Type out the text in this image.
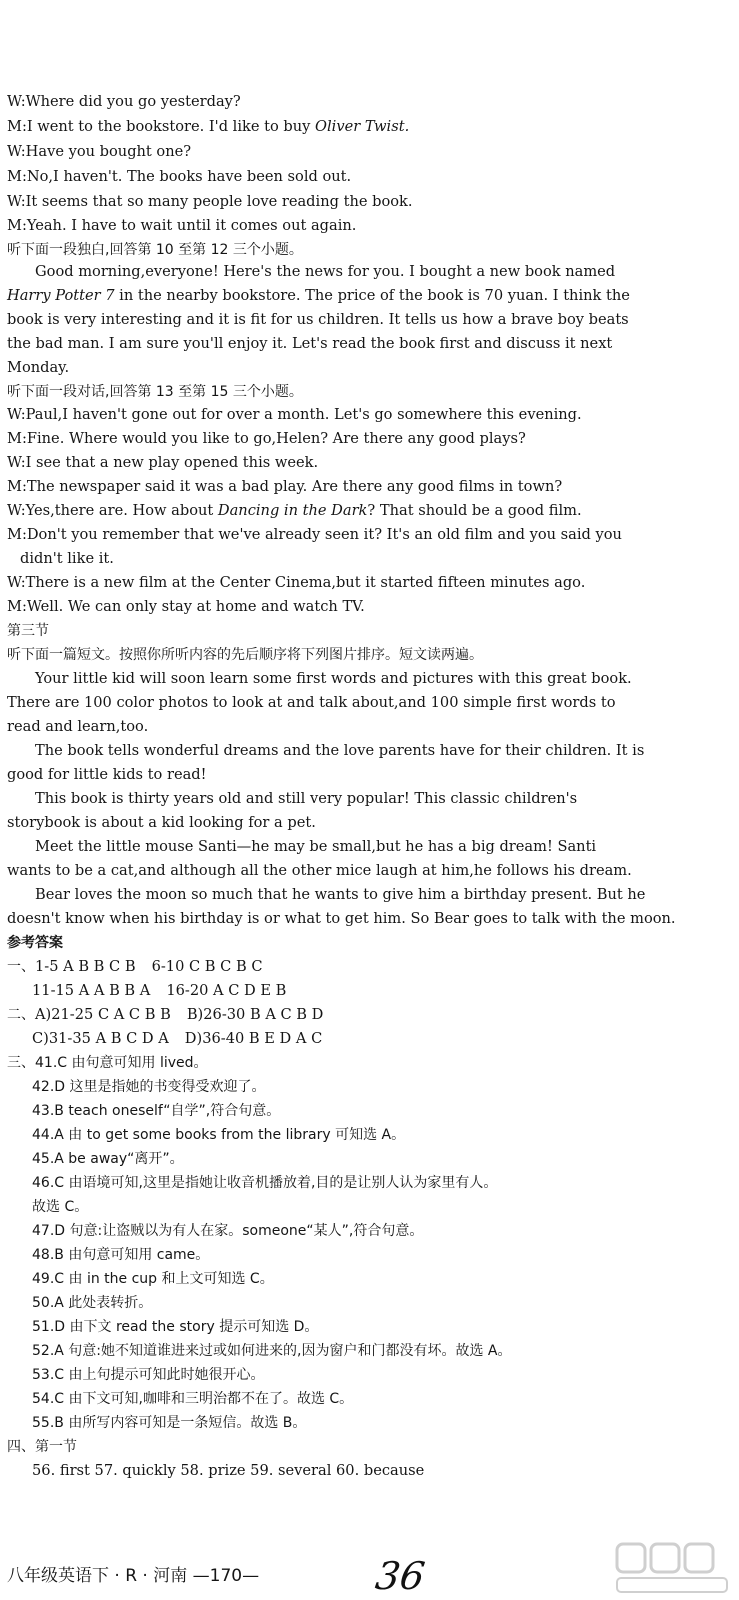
W:Where did you go yesterday?
M:I went to the bookstore. I'd like to buy Oliver Twist.
W:Have you bought one?
M:No,I haven't. The books have been sold out.
W:It seems that so many people love reading the book.
M:Yeah. I have to wait until it comes out again.
听下面一段独白,回答第 10 至第 12 三个小题。
Good morning,everyone! Here's the news for you. I bought a new book named
Harry Potter 7 in the nearby bookstore. The price of the book is 70 yuan. I think the
book is very interesting and it is fit for us children. It tells us how a brave boy beats
the bad man. I am sure you'll enjoy it. Let's read the book first and discuss it next
Monday.
听下面一段对话,回答第 13 至第 15 三个小题。
W:Paul,I haven't gone out for over a month. Let's go somewhere this evening.
M:Fine. Where would you like to go,Helen? Are there any good plays?
W:I see that a new play opened this week.
M:The newspaper said it was a bad play. Are there any good films in town?
W:Yes,there are. How about Dancing in the Dark? That should be a good film.
M:Don't you remember that we've already seen it? It's an old film and you said you
didn't like it.
W:There is a new film at the Center Cinema,but it started fifteen minutes ago.
M:Well. We can only stay at home and watch TV.
第三节
听下面一篇短文。按照你所听内容的先后顺序将下列图片排序。短文读两遍。
Your little kid will soon learn some first words and pictures with this great book.
There are 100 color photos to look at and talk about,and 100 simple first words to
read and learn,too.
The book tells wonderful dreams and the love parents have for their children. It is
good for little kids to read!
This book is thirty years old and still very popular! This classic children's
storybook is about a kid looking for a pet.
Meet the little mouse Santi—he may be small,but he has a big dream! Santi
wants to be a cat,and although all the other mice laugh at him,he follows his dream.
Bear loves the moon so much that he wants to give him a birthday present. But he
doesn't know when his birthday is or what to get him. So Bear goes to talk with the moon.
参考答案
一、1-5 A B B C B 6-10 C B C B C
11-15 A A B B A 16-20 A C D E B
二、A)21-25 C A C B B B)26-30 B A C B D
C)31-35 A B C D A D)36-40 B E D A C
三、41.C 由句意可知用 lived。
42.D 这里是指她的书变得受欢迎了。
43.B teach oneself“自学”,符合句意。
44.A 由 to get some books from the library 可知选 A。
45.A be away“离开”。
46.C 由语境可知,这里是指她让收音机播放着,目的是让别人认为家里有人。
故选 C。
47.D 句意:让盗贼以为有人在家。someone“某人”,符合句意。
48.B 由句意可知用 came。
49.C 由 in the cup 和上文可知选 C。
50.A 此处表转折。
51.D 由下文 read the story 提示可知选 D。
52.A 句意:她不知道谁进来过或如何进来的,因为窗户和门都没有坏。故选 A。
53.C 由上句提示可知此时她很开心。
54.C 由下文可知,咖啡和三明治都不在了。故选 C。
55.B 由所写内容可知是一条短信。故选 B。
四、第一节
56. first 57. quickly 58. prize 59. several 60. because
八年级英语下 · R · 河南 —170—	36
